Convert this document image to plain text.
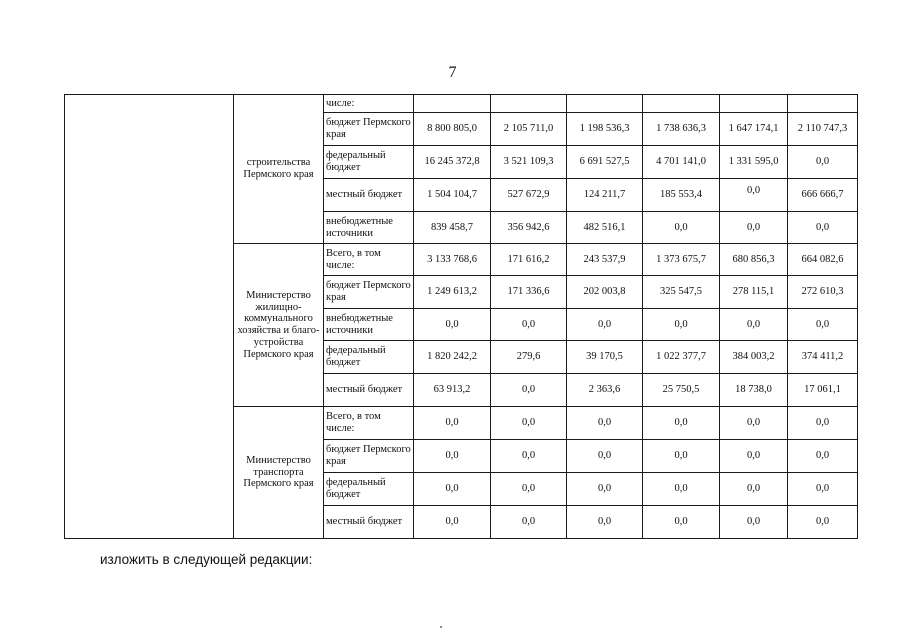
7
	строительства Пермского края	числе:						
		бюджет Пермского края	8 800 805,0	2 105 711,0	1 198 536,3	1 738 636,3	1 647 174,1	2 110 747,3
		федеральный бюджет	16 245 372,8	3 521 109,3	6 691 527,5	4 701 141,0	1 331 595,0	0,0
		местный бюджет	1 504 104,7	527 672,9	124 211,7	185 553,4	0,0	666 666,7
		внебюджетные источники	839 458,7	356 942,6	482 516,1	0,0	0,0	0,0
	Министерство жилищно-коммунального хозяйства и благо-устройства Пермского края	Всего, в том числе:	3 133 768,6	171 616,2	243 537,9	1 373 675,7	680 856,3	664 082,6
		бюджет Пермского края	1 249 613,2	171 336,6	202 003,8	325 547,5	278 115,1	272 610,3
		внебюджетные источники	0,0	0,0	0,0	0,0	0,0	0,0
		федеральный бюджет	1 820 242,2	279,6	39 170,5	1 022 377,7	384 003,2	374 411,2
		местный бюджет	63 913,2	0,0	2 363,6	25 750,5	18 738,0	17 061,1
	Министерство транспорта Пермского края	Всего, в том числе:	0,0	0,0	0,0	0,0	0,0	0,0
		бюджет Пермского края	0,0	0,0	0,0	0,0	0,0	0,0
		федеральный бюджет	0,0	0,0	0,0	0,0	0,0	0,0
		местный бюджет	0,0	0,0	0,0	0,0	0,0	0,0
изложить в следующей редакции:
